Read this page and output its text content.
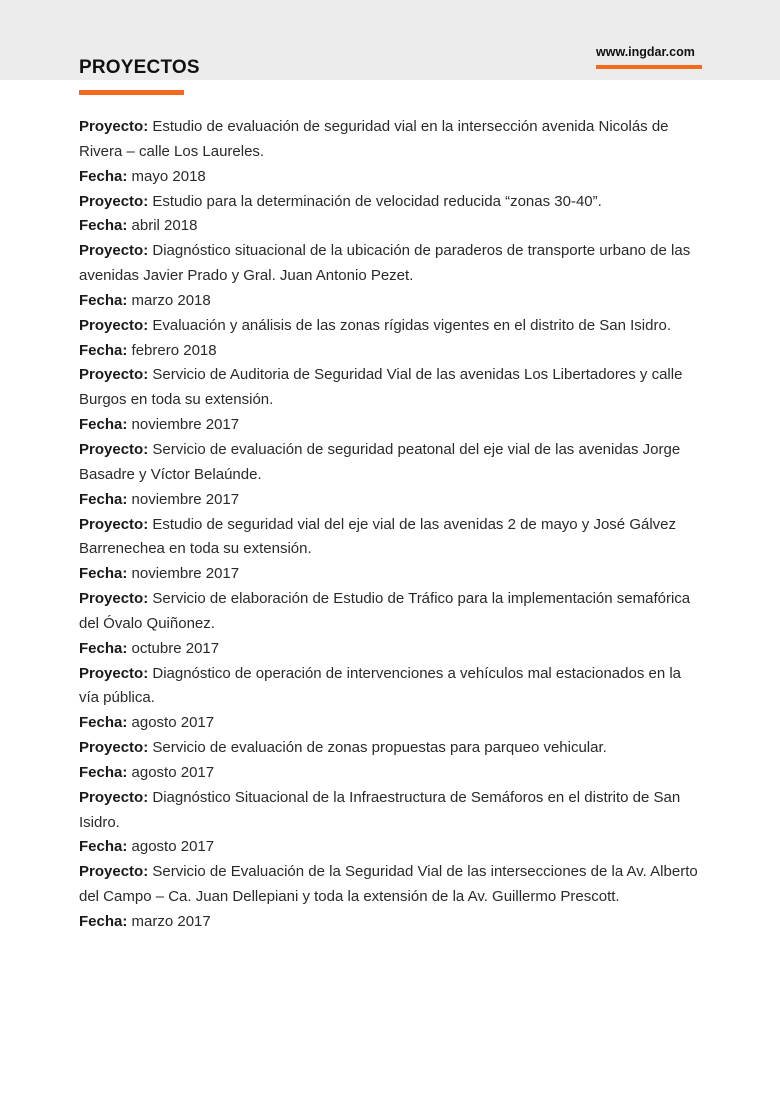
PROYECTOS
www.ingdar.com

Proyecto: Estudio de evaluación de seguridad vial en la intersección avenida Nicolás de Rivera – calle Los Laureles.

Fecha: mayo 2018

Proyecto: Estudio para la determinación de velocidad reducida “zonas 30-40”.

Fecha: abril 2018

Proyecto: Diagnóstico situacional de la ubicación de paraderos de transporte urbano de las avenidas Javier Prado y Gral. Juan Antonio Pezet.

Fecha: marzo 2018

Proyecto: Evaluación y análisis de las zonas rígidas vigentes en el distrito de San Isidro.

Fecha: febrero 2018

Proyecto: Servicio de Auditoria de Seguridad Vial de las avenidas Los Libertadores y calle Burgos en toda su extensión.

Fecha: noviembre 2017

Proyecto: Servicio de evaluación de seguridad peatonal del eje vial de las avenidas Jorge Basadre y Víctor Belaúnde.

Fecha: noviembre 2017

Proyecto: Estudio de seguridad vial del eje vial de las avenidas 2 de mayo y José Gálvez Barrenechea en toda su extensión.

Fecha: noviembre 2017

Proyecto: Servicio de elaboración de Estudio de Tráfico para la implementación semafórica del Óvalo Quiñonez.

Fecha: octubre 2017

Proyecto: Diagnóstico de operación de intervenciones a vehículos mal estacionados en la vía pública.

Fecha: agosto 2017

Proyecto: Servicio de evaluación de zonas propuestas para parqueo vehicular.

Fecha: agosto 2017

Proyecto: Diagnóstico Situacional de la Infraestructura de Semáforos en el distrito de San Isidro.

Fecha: agosto 2017

Proyecto: Servicio de Evaluación de la Seguridad Vial de las intersecciones de la Av. Alberto del Campo – Ca. Juan Dellepiani y toda la extensión de la Av. Guillermo Prescott.

Fecha: marzo 2017
